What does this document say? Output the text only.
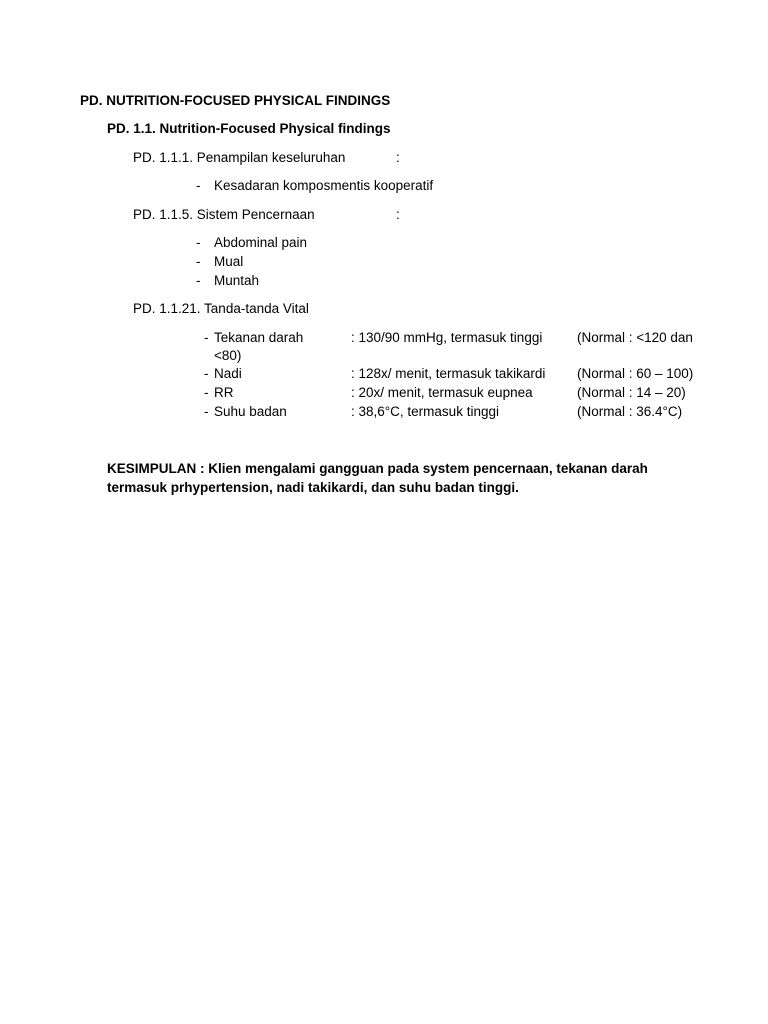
PD. NUTRITION-FOCUSED PHYSICAL FINDINGS
PD. 1.1. Nutrition-Focused Physical findings
PD. 1.1.1. Penampilan keseluruhan	:
- Kesadaran komposmentis kooperatif
PD. 1.1.5. Sistem Pencernaan	:
- Abdominal pain
- Mual
- Muntah
PD. 1.1.21. Tanda-tanda Vital
- Tekanan darah	: 130/90 mmHg, termasuk tinggi	(Normal : <120 dan
<80)
- Nadi	: 128x/ menit, termasuk takikardi (Normal : 60 – 100)
- RR	: 20x/ menit, termasuk eupnea	(Normal : 14 – 20)
- Suhu badan	: 38,6°C, termasuk tinggi	(Normal : 36.4°C)
KESIMPULAN : Klien mengalami gangguan pada system pencernaan, tekanan darah
termasuk prhypertension, nadi takikardi, dan suhu badan tinggi.
